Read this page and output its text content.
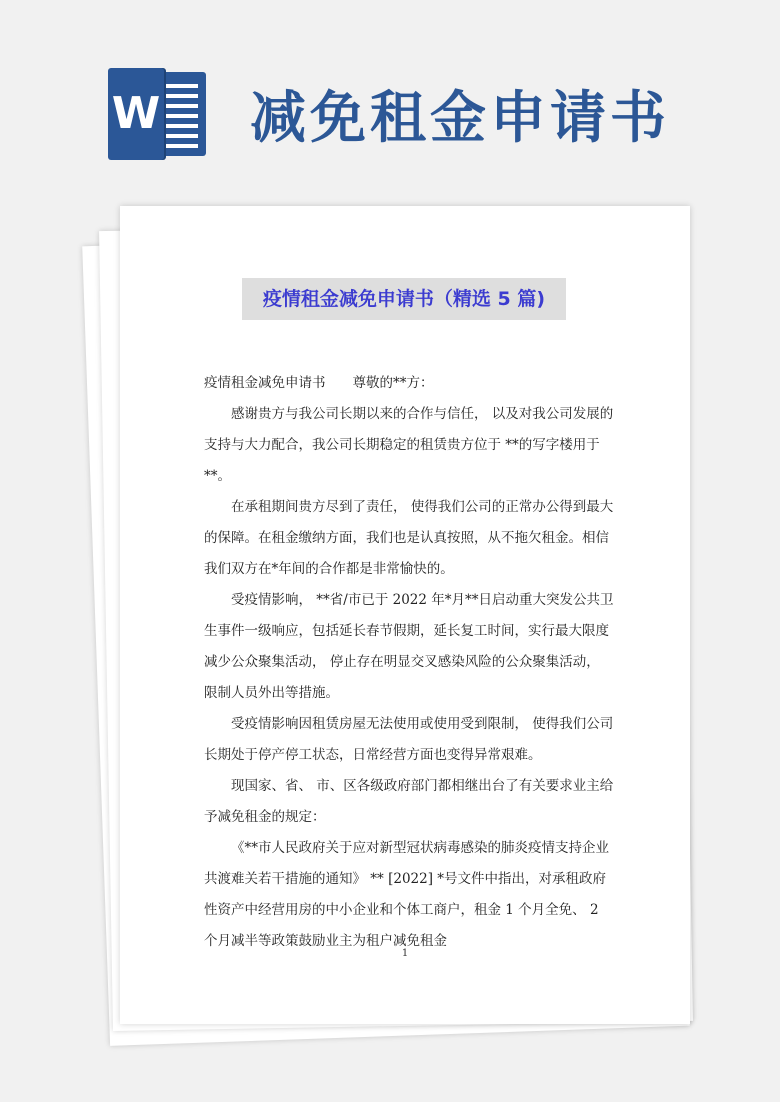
W 减免租金申请书
疫情租金减免申请书（精选 5 篇)

疫情租金减免申请书　　尊敬的**方：

感谢贵方与我公司长期以来的合作与信任， 以及对我公司发展的支持与大力配合，我公司长期稳定的租赁贵方位于 **的写字楼用于**。

在承租期间贵方尽到了责任， 使得我们公司的正常办公得到最大的保障。在租金缴纳方面，我们也是认真按照，从不拖欠租金。相信我们双方在*年间的合作都是非常愉快的。

受疫情影响， **省/市已于 2022 年*月**日启动重大突发公共卫生事件一级响应，包括延长春节假期，延长复工时间，实行最大限度减少公众聚集活动， 停止存在明显交叉感染风险的公众聚集活动， 限制人员外出等措施。

受疫情影响因租赁房屋无法使用或使用受到限制， 使得我们公司长期处于停产停工状态，日常经营方面也变得异常艰难。

现国家、省、 市、区各级政府部门都相继出台了有关要求业主给予减免租金的规定：

《**市人民政府关于应对新型冠状病毒感染的肺炎疫情支持企业共渡难关若干措施的通知》 ** [2022] *号文件中指出，对承租政府性资产中经营用房的中小企业和个体工商户，租金 1 个月全免、 2 个月减半等政策鼓励业主为租户减免租金

1
